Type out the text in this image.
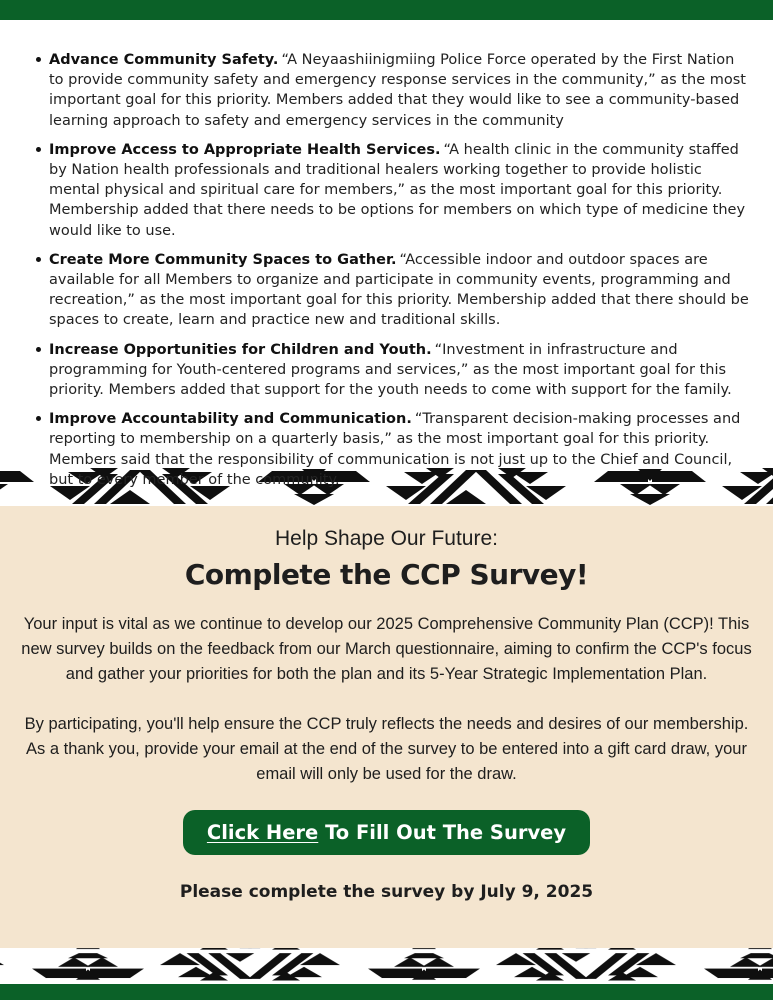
Advance Community Safety. “A Neyaashiinigmiing Police Force operated by the First Nation to provide community safety and emergency response services in the community,” as the most important goal for this priority. Members added that they would like to see a community-based learning approach to safety and emergency services in the community
Improve Access to Appropriate Health Services. “A health clinic in the community staffed by Nation health professionals and traditional healers working together to provide holistic mental physical and spiritual care for members,” as the most important goal for this priority. Membership added that there needs to be options for members on which type of medicine they would like to use.
Create More Community Spaces to Gather. “Accessible indoor and outdoor spaces are available for all Members to organize and participate in community events, programming and recreation,” as the most important goal for this priority. Membership added that there should be spaces to create, learn and practice new and traditional skills.
Increase Opportunities for Children and Youth. “Investment in infrastructure and programming for Youth-centered programs and services,” as the most important goal for this priority. Members added that support for the youth needs to come with support for the family.
Improve Accountability and Communication. “Transparent decision-making processes and reporting to membership on a quarterly basis,” as the most important goal for this priority. Members said that the responsibility of communication is not just up to the Chief and Council, but to every member of the community.
Help Shape Our Future:
Complete the CCP Survey!

Your input is vital as we continue to develop our 2025 Comprehensive Community Plan (CCP)! This new survey builds on the feedback from our March questionnaire, aiming to confirm the CCP's focus and gather your priorities for both the plan and its 5-Year Strategic Implementation Plan.

By participating, you'll help ensure the CCP truly reflects the needs and desires of our membership. As a thank you, provide your email at the end of the survey to be entered into a gift card draw, your email will only be used for the draw.

Click Here To Fill Out The Survey
Please complete the survey by July 9, 2025
